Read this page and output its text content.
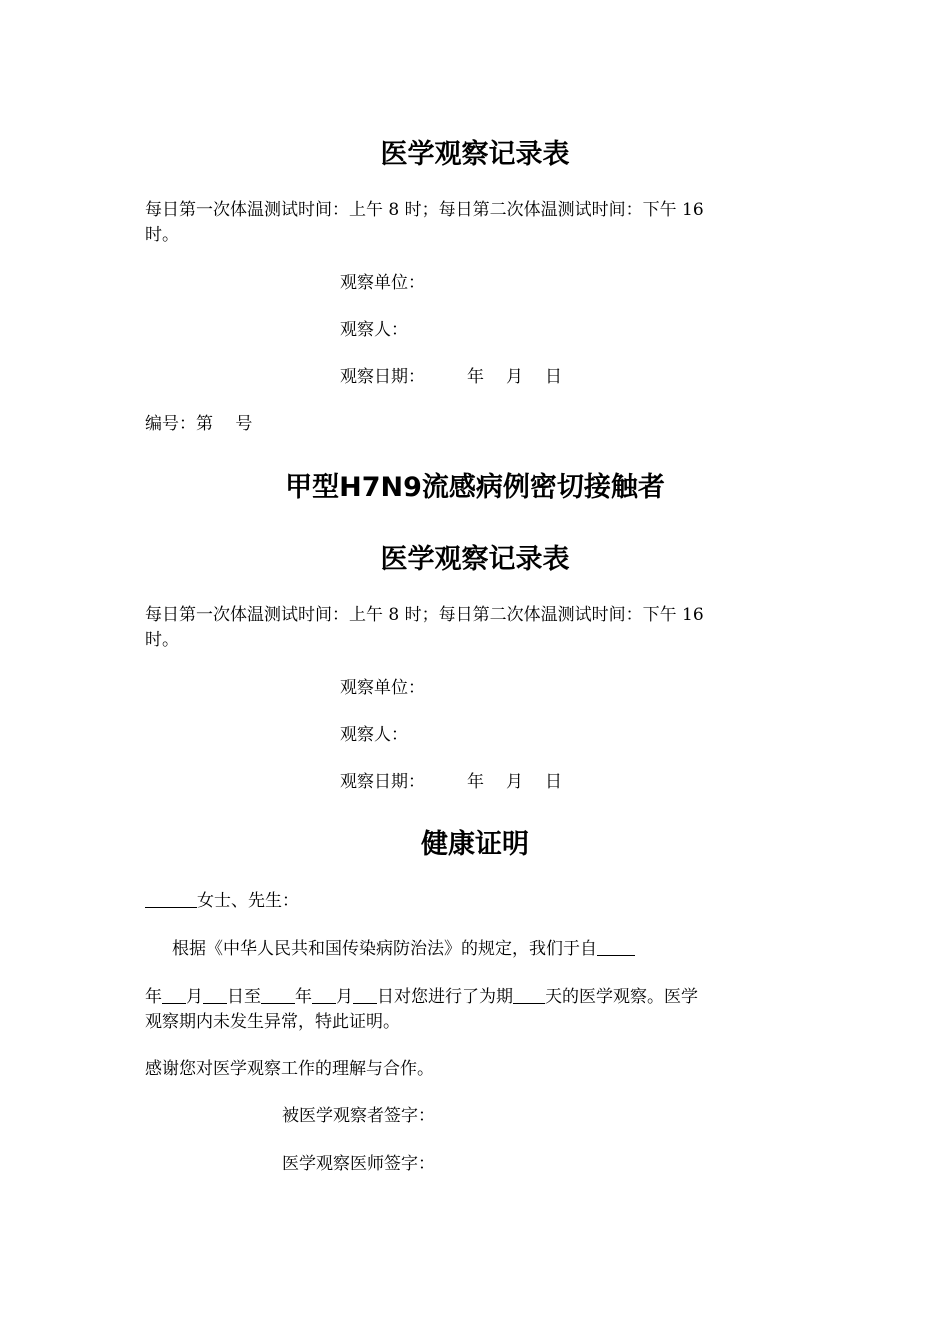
医学观察记录表
每日第一次体温测试时间：上午 8 时；每日第二次体温测试时间：下午 16
时。
观察单位：
观察人：
观察日期： 年 月 日
编号：第　 号
甲型H7N9流感病例密切接触者
医学观察记录表
每日第一次体温测试时间：上午 8 时；每日第二次体温测试时间：下午 16
时。
观察单位：
观察人：
观察日期： 年 月 日
健康证明
女士、先生：
根据《中华人民共和国传染病防治法》的规定，我们于自
年 月 日至 年 月 日对您进行了为期 天的医学观察。医学
观察期内未发生异常，特此证明。
感谢您对医学观察工作的理解与合作。
被医学观察者签字：
医学观察医师签字：
